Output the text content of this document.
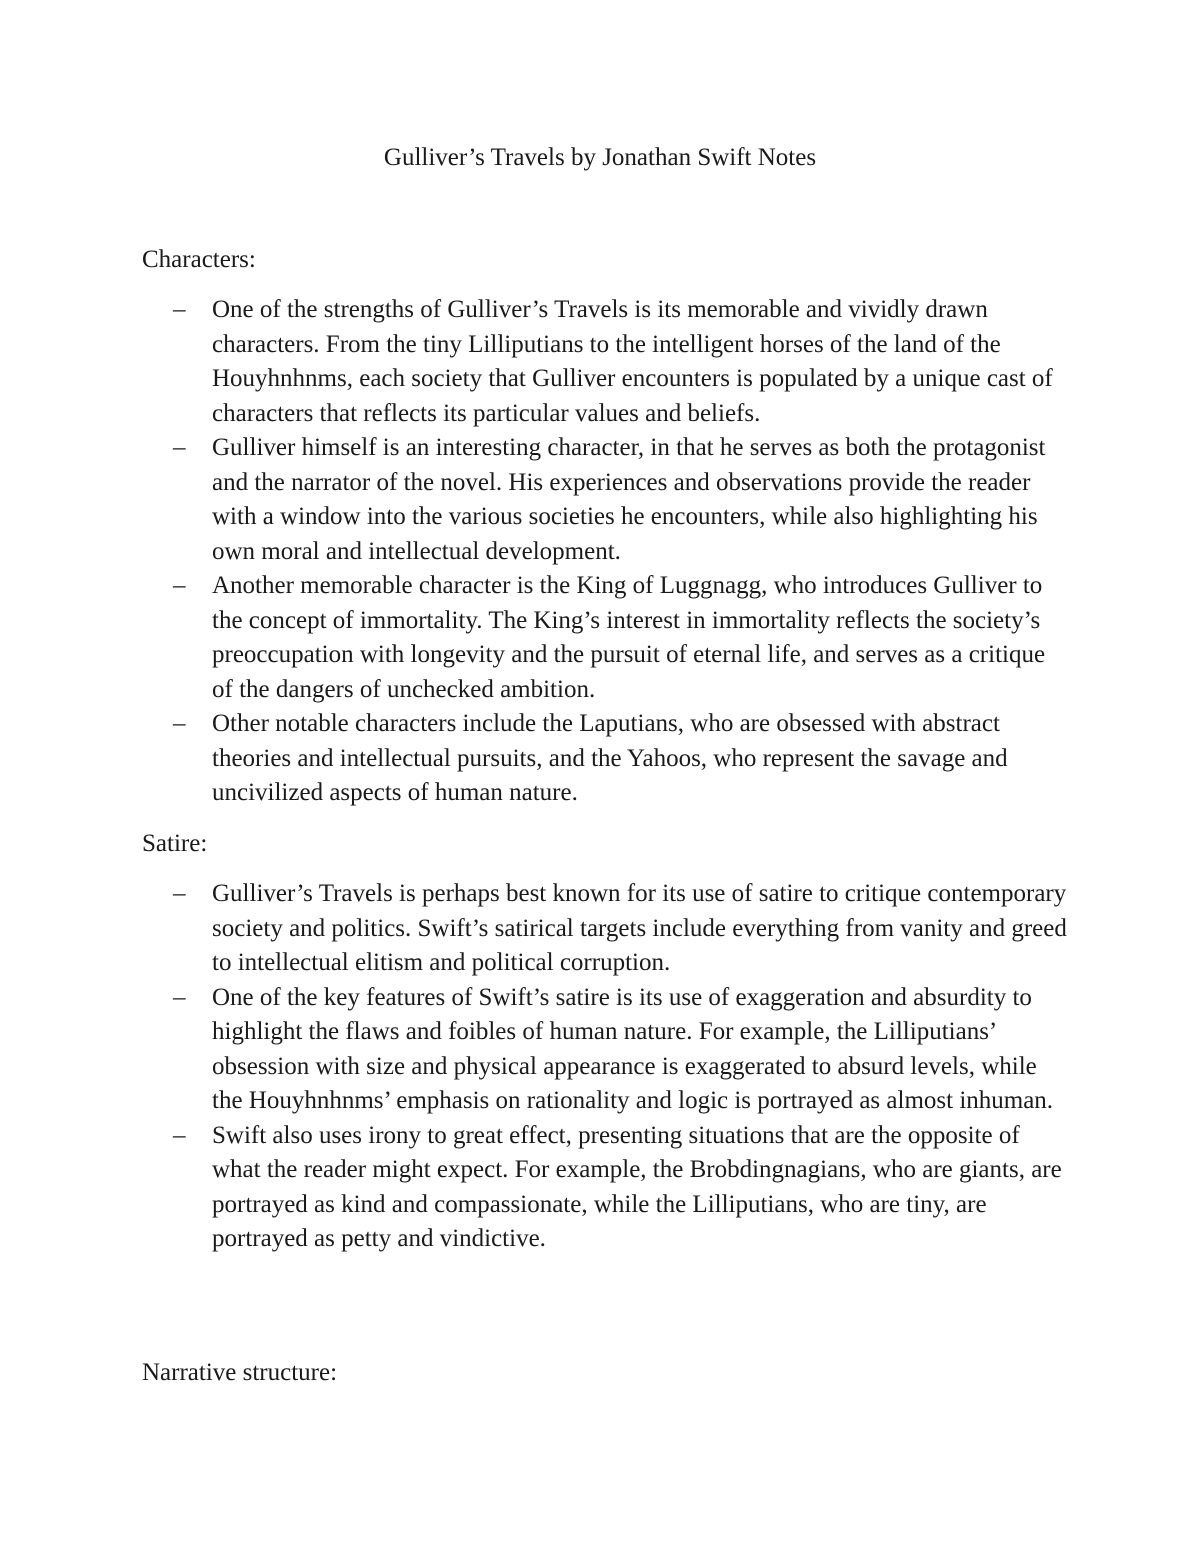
Gulliver’s Travels by Jonathan Swift Notes
Characters:
– One of the strengths of Gulliver’s Travels is its memorable and vividly drawn characters. From the tiny Lilliputians to the intelligent horses of the land of the Houyhnhnms, each society that Gulliver encounters is populated by a unique cast of characters that reflects its particular values and beliefs.
– Gulliver himself is an interesting character, in that he serves as both the protagonist and the narrator of the novel. His experiences and observations provide the reader with a window into the various societies he encounters, while also highlighting his own moral and intellectual development.
– Another memorable character is the King of Luggnagg, who introduces Gulliver to the concept of immortality. The King’s interest in immortality reflects the society’s preoccupation with longevity and the pursuit of eternal life, and serves as a critique of the dangers of unchecked ambition.
– Other notable characters include the Laputians, who are obsessed with abstract theories and intellectual pursuits, and the Yahoos, who represent the savage and uncivilized aspects of human nature.
Satire:
– Gulliver’s Travels is perhaps best known for its use of satire to critique contemporary society and politics. Swift’s satirical targets include everything from vanity and greed to intellectual elitism and political corruption.
– One of the key features of Swift’s satire is its use of exaggeration and absurdity to highlight the flaws and foibles of human nature. For example, the Lilliputians’ obsession with size and physical appearance is exaggerated to absurd levels, while the Houyhnhnms’ emphasis on rationality and logic is portrayed as almost inhuman.
– Swift also uses irony to great effect, presenting situations that are the opposite of what the reader might expect. For example, the Brobdingnagians, who are giants, are portrayed as kind and compassionate, while the Lilliputians, who are tiny, are portrayed as petty and vindictive.
Narrative structure:
